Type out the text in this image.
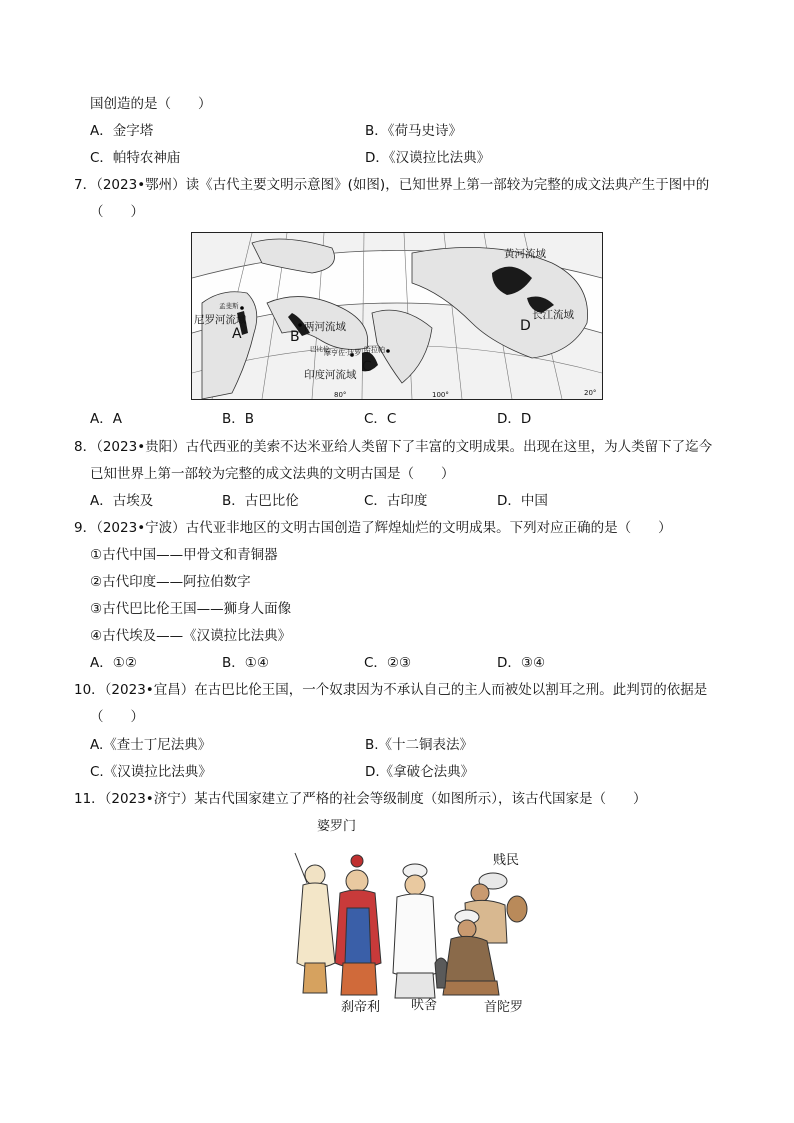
国创造的是（　　）
A．金字塔	B．《荷马史诗》
C．帕特农神庙	D．《汉谟拉比法典》
7．（2023•鄂州）读《古代主要文明示意图》(如图)，已知世界上第一部较为完整的成文法典产生于图中的
（　　）
尼罗河流域
孟斐斯
A	B
两河流域
巴比伦
摩亨佐·达罗 哈拉帕
C
印度河流域
黄河流域
D
长江流域
80°	100°	20°
A．A	B．B	C．C	D．D
8．（2023•贵阳）古代西亚的美索不达米亚给人类留下了丰富的文明成果。出现在这里，为人类留下了迄今
已知世界上第一部较为完整的成文法典的文明古国是（　　）
A．古埃及	B．古巴比伦	C．古印度	D．中国
9．（2023•宁波）古代亚非地区的文明古国创造了辉煌灿烂的文明成果。下列对应正确的是（　　）
①古代中国——甲骨文和青铜器
②古代印度——阿拉伯数字
③古代巴比伦王国——狮身人面像
④古代埃及——《汉谟拉比法典》
A．①②	B．①④	C．②③	D．③④
10．（2023•宜昌）在古巴比伦王国，一个奴隶因为不承认自己的主人而被处以割耳之刑。此判罚的依据是
（　　）
A.《查士丁尼法典》	B.《十二铜表法》
C.《汉谟拉比法典》	D.《拿破仑法典》
11．（2023•济宁）某古代国家建立了严格的社会等级制度（如图所示），该古代国家是（　　）
婆罗门
贱民
刹帝利 吠舍	首陀罗
